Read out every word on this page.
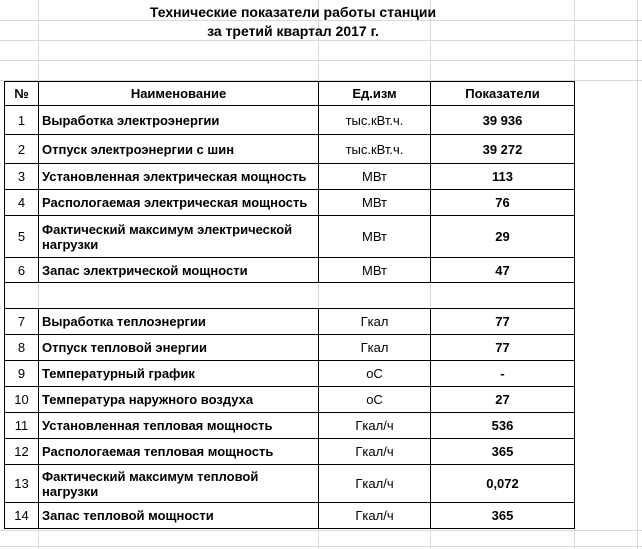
Технические показатели работы станции
за третий квартал 2017 г.
№	Наименование	Ед.изм	Показатели
1	Выработка электроэнергии	тыс.кВт.ч.	39 936
2	Отпуск электроэнергии с шин	тыс.кВт.ч.	39 272
3	Установленная электрическая мощность	МВт	113
4	Распологаемая электрическая мощность	МВт	76
5	Фактический максимум электрической нагрузки	МВт	29
6	Запас электрической мощности	МВт	47

7	Выработка теплоэнергии	Гкал	77
8	Отпуск тепловой энергии	Гкал	77
9	Температурный график	оС	-
10	Температура наружного воздуха	оС	27
11	Установленная тепловая мощность	Гкал/ч	536
12	Распологаемая тепловая мощность	Гкал/ч	365
13	Фактический максимум тепловой нагрузки	Гкал/ч	0,072
14	Запас тепловой мощности	Гкал/ч	365
